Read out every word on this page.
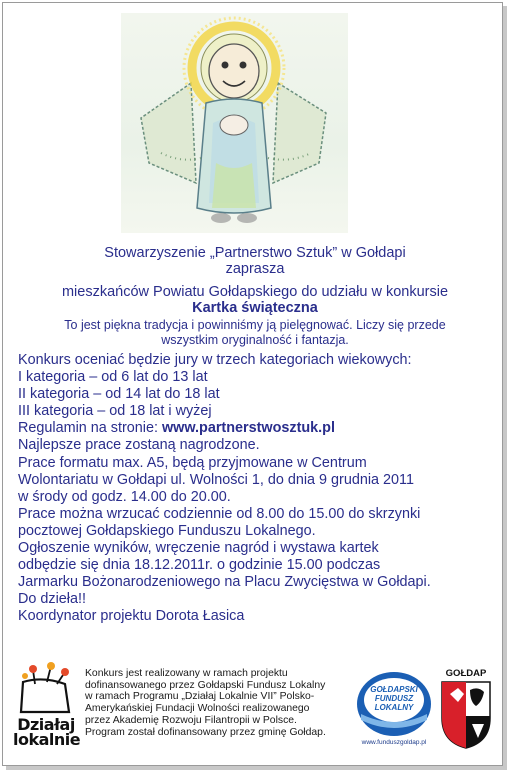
Stowarzyszenie „Partnerstwo Sztuk” w Gołdapi
zaprasza
mieszkańców Powiatu Gołdapskiego do udziału w konkursie
Kartka świąteczna
To jest piękna tradycja i powinniśmy ją pielęgnować. Liczy się przede
wszystkim oryginalność i fantazja.
Konkurs oceniać będzie jury w trzech kategoriach wiekowych:
I kategoria – od 6 lat do 13 lat
II kategoria – od 14 lat do 18 lat
III kategoria – od 18 lat i wyżej
Regulamin na stronie: www.partnerstwosztuk.pl
Najlepsze prace zostaną nagrodzone.
Prace formatu max. A5, będą przyjmowane w Centrum
Wolontariatu w Gołdapi ul. Wolności 1, do dnia 9 grudnia 2011
w środy od godz. 14.00 do 20.00.
Prace można wrzucać codziennie od 8.00 do 15.00 do skrzynki
pocztowej Gołdapskiego Funduszu Lokalnego.
Ogłoszenie wyników, wręczenie nagród i wystawa kartek
odbędzie się dnia 18.12.2011r. o godzinie 15.00 podczas
Jarmarku Bożonarodzeniowego na Placu Zwycięstwa w Gołdapi.
Do dzieła!!
Koordynator projektu Dorota Łasica
Działaj
lokalnie
Konkurs jest realizowany w ramach projektu
dofinansowanego przez Gołdapski Fundusz Lokalny
w ramach Programu „Działaj Lokalnie VII” Polsko-
Amerykańskiej Fundacji Wolności realizowanego
przez Akademię Rozwoju Filantropii w Polsce.
Program został dofinansowany przez gminę Gołdap.
GOŁDAPSKI
FUNDUSZ
LOKALNY
www.funduszgoldap.pl
GOŁDAP
